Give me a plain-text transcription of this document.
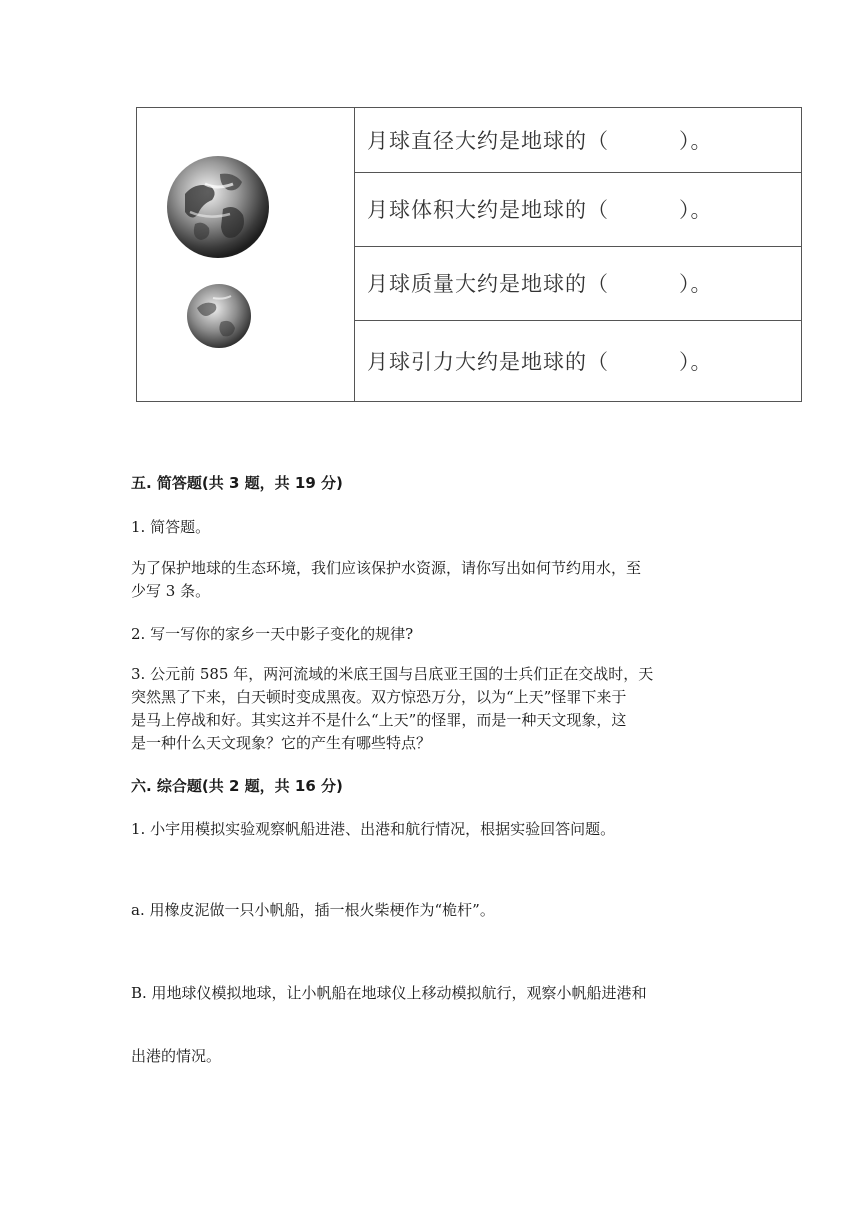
月球直径大约是地球的（	）。
月球体积大约是地球的（	）。
月球质量大约是地球的（	）。
月球引力大约是地球的（	）。
五. 简答题(共 3 题，共 19 分)
1. 简答题。
为了保护地球的生态环境，我们应该保护水资源，请你写出如何节约用水，至
少写 3 条。
2. 写一写你的家乡一天中影子变化的规律?
3. 公元前 585 年，两河流域的米底王国与吕底亚王国的士兵们正在交战时，天
突然黑了下来，白天顿时变成黑夜。双方惊恐万分，以为“上天”怪罪下来于
是马上停战和好。其实这并不是什么“上天”的怪罪，而是一种天文现象，这
是一种什么天文现象？它的产生有哪些特点？
六. 综合题(共 2 题，共 16 分)
1. 小宇用模拟实验观察帆船进港、出港和航行情况，根据实验回答问题。
a. 用橡皮泥做一只小帆船，插一根火柴梗作为“桅杆”。
B. 用地球仪模拟地球，让小帆船在地球仪上移动模拟航行，观察小帆船进港和
出港的情况。
